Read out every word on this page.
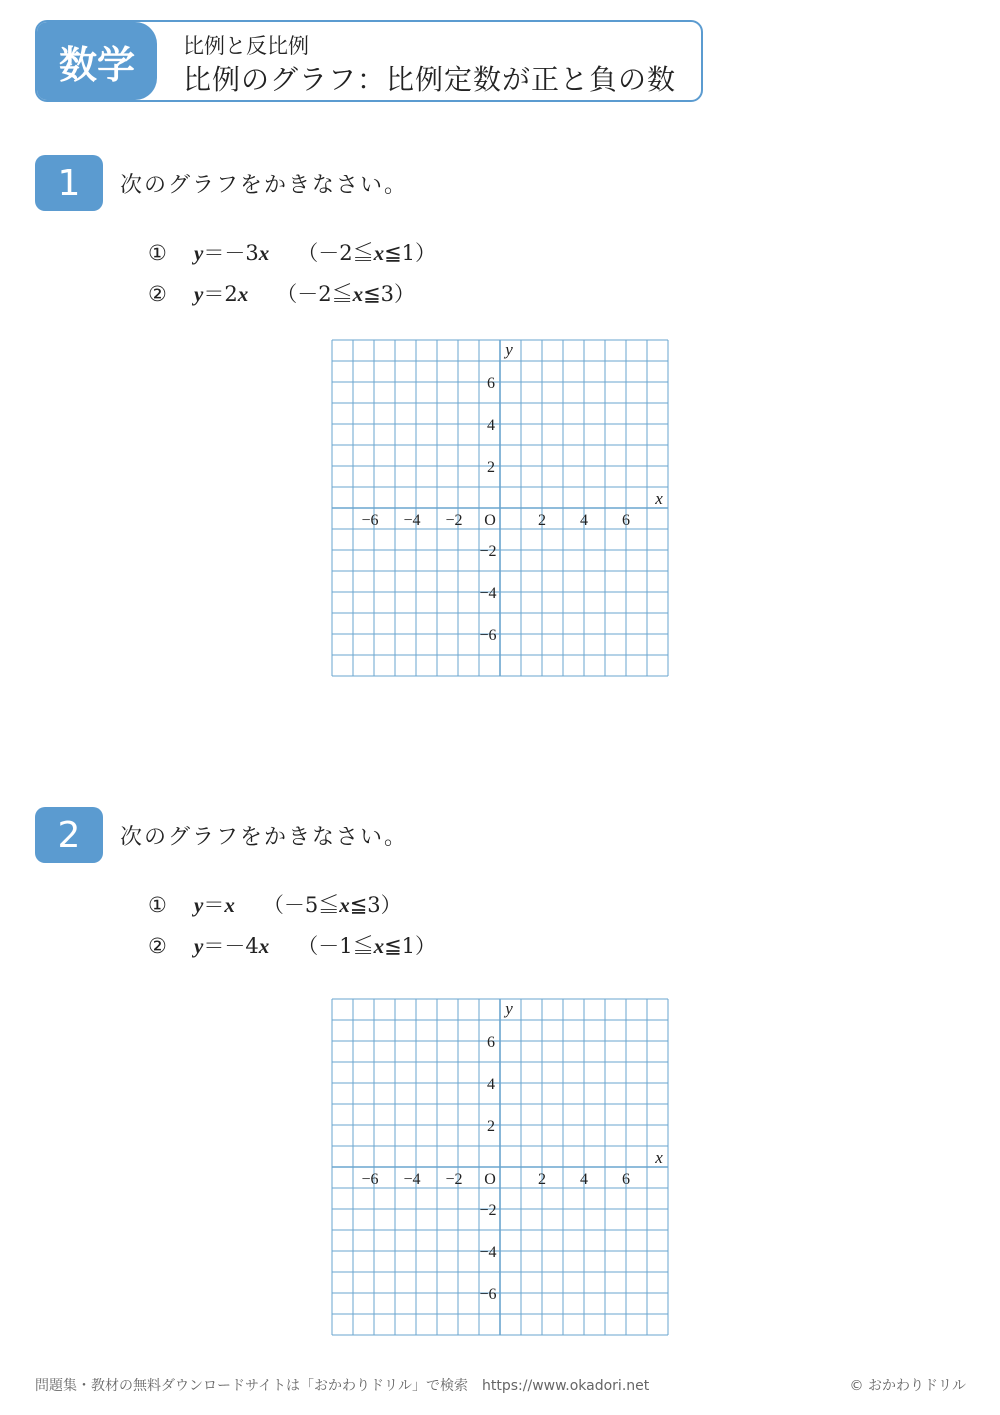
数学	比例と反比例
比例のグラフ：比例定数が正と負の数
1	次のグラフをかきなさい。
① y＝－3x （－2≦x≦1）
② y＝2x （－2≦x≦3）
O
x
y
−6 −4 −2	2 4 6
6
4
2
−2
−4
−6
2	次のグラフをかきなさい。
① y＝x （－5≦x≦3）
② y＝－4x （－1≦x≦1）
O
x
y
−6 −4 −2	2 4 6
6
4
2
−2
−4
−6
問題集・教材の無料ダウンロードサイトは「おかわりドリル」で検索　https://www.okadori.net	© おかわりドリル
